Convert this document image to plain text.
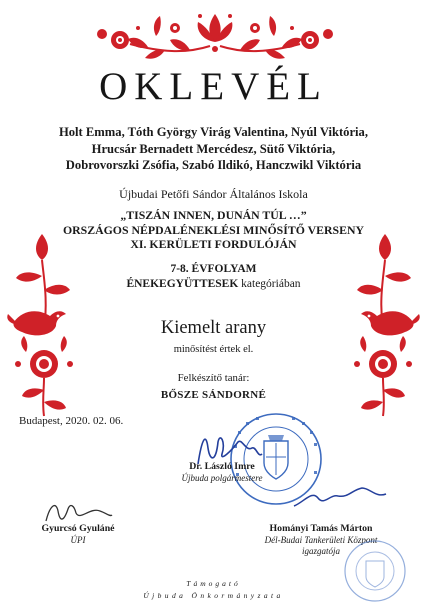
OKLEVÉL
Holt Emma, Tóth György Virág Valentina, Nyúl Viktória,
Hrucsár Bernadett Mercédesz, Sütő Viktória,
Dobrovorszki Zsófia, Szabó Ildikó, Hanczwikl Viktória
Újbudai Petőfi Sándor Általános Iskola
„TISZÁN INNEN, DUNÁN TÚL …”
ORSZÁGOS NÉPDALÉNEKLÉSI MINŐSÍTŐ VERSENY
XI. KERÜLETI FORDULÓJÁN
7-8. ÉVFOLYAM
ÉNEKEGYÜTTESEK kategóriában
Kiemelt arany
minősítést értek el.
Felkészítő tanár:
BŐSZE SÁNDORNÉ
Budapest, 2020. 02. 06.
Dr. László Imre
Újbuda polgármestere
Gyurcsó Gyuláné
ÚPI
Hományi Tamás Márton
Dél-Budai Tankerületi Központ
igazgatója
Támogató
Újbuda Önkormányzata
